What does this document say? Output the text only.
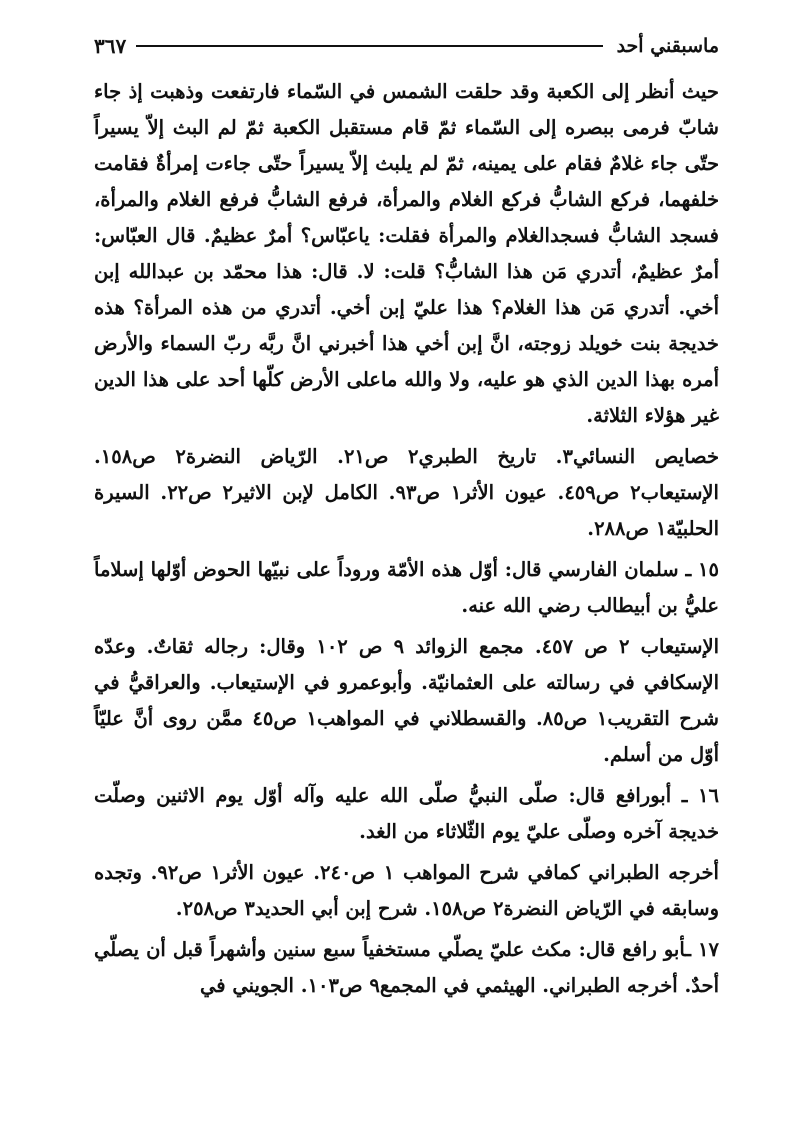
ماسبقني أحد
٣٦٧

حيث أنظر إلى الكعبة وقد حلقت الشمس في السّماء فارتفعت وذهبت إذ جاء شابّ فرمى ببصره إلى السّماء ثمّ قام مستقبل الكعبة ثمّ لم البث إلاّ يسيراً حتّى جاء غلامٌ فقام على يمينه، ثمّ لم يلبث إلاّ يسيراً حتّى جاءت إمرأةٌ فقامت خلفهما، فركع الشابُّ فركع الغلام والمرأة، فرفع الشابُّ فرفع الغلام والمرأة، فسجد الشابُّ فسجدالغلام والمرأة فقلت: ياعبّاس؟ أمرٌ عظيمٌ. قال العبّاس: أمرٌ عظيمٌ، أتدري مَن هذا الشابُّ؟ قلت: لا. قال: هذا محمّد بن عبدالله إبن أخي. أتدري مَن هذا الغلام؟ هذا عليّ إبن أخي. أتدري من هذه المرأة؟ هذه خديجة بنت خويلد زوجته، انَّ إبن أخي هذا أخبرني انَّ ربَّه ربّ السماء والأرض أمره بهذا الدين الذي هو عليه، ولا والله ماعلى الأرض كلّها أحد على هذا الدين غير هؤلاء الثلاثة.

خصايص النسائي٣. تاريخ الطبري٢ ص٢١. الرّياض النضرة٢ ص١٥٨. الإستيعاب٢ ص٤٥٩. عيون الأثر١ ص٩٣. الكامل لإبن الاثير٢ ص٢٢. السيرة الحلبيّة١ ص٢٨٨.

١٥ ـ سلمان الفارسي قال: أوّل هذه الأمّة وروداً على نبيّها الحوض أوّلها إسلاماً عليُّ بن أبيطالب رضي الله عنه.

الإستيعاب ٢ ص ٤٥٧. مجمع الزوائد ٩ ص ١٠٢ وقال: رجاله ثقاتٌ. وعدّه الإسكافي في رسالته على العثمانيّة. وأبوعمرو في الإستيعاب. والعراقيُّ في شرح التقريب١ ص٨٥. والقسطلاني في المواهب١ ص٤٥ ممَّن روى أنَّ عليّاً أوّل من أسلم.

١٦ ـ أبورافع قال: صلّى النبيُّ صلّى الله عليه وآله أوّل يوم الاثنين وصلّت خديجة آخره وصلّى عليّ يوم الثّلاثاء من الغد.

أخرجه الطبراني كمافي شرح المواهب ١ ص٢٤٠. عيون الأثر١ ص٩٢. وتجده وسابقه في الرّياض النضرة٢ ص١٥٨. شرح إبن أبي الحديد٣ ص٢٥٨.

١٧ ـأبو رافع قال: مكث عليّ يصلّي مستخفياً سبع سنين وأشهراً قبل أن يصلّي أحدٌ. أخرجه الطبراني. الهيثمي في المجمع٩ ص١٠٣. الجويني في
